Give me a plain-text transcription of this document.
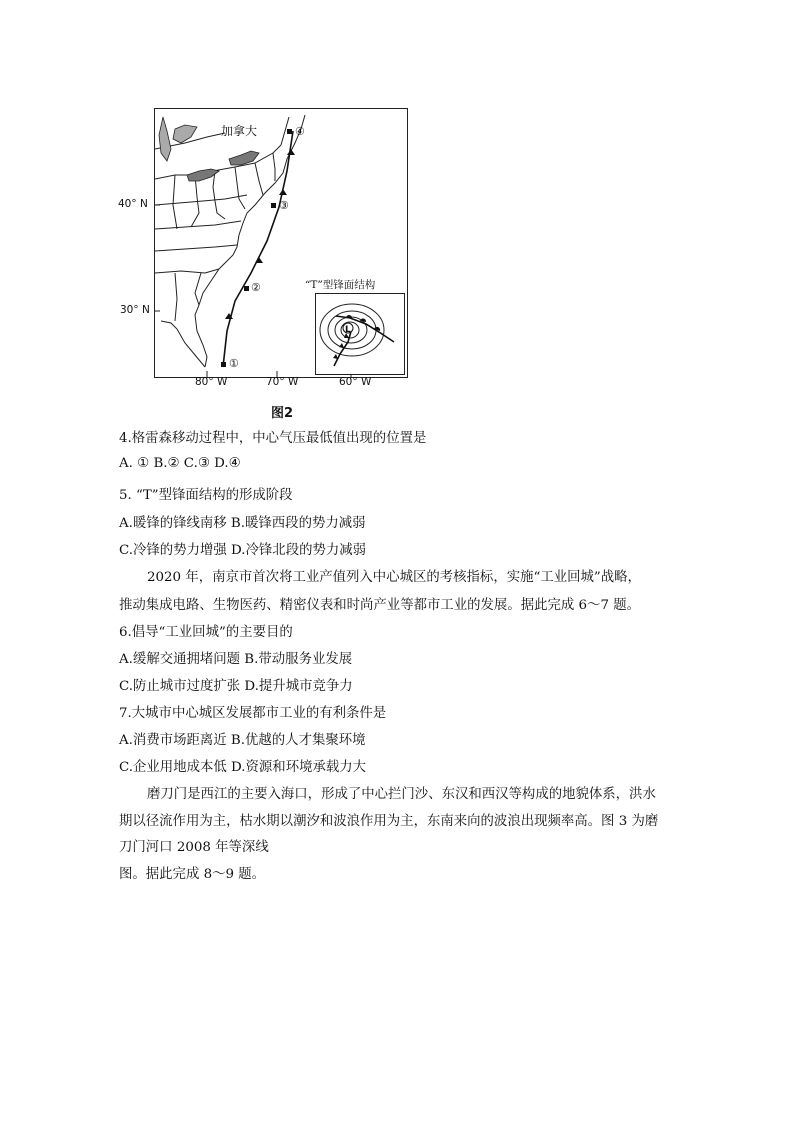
L
加拿大
“T”型锋面结构
④
③
②
①
40° N
30° N
80° W	70° W	60° W
图2
4.格雷森移动过程中，中心气压最低值出现的位置是
A. ① B.② C.③ D.④
5. “T”型锋面结构的形成阶段
A.暖锋的锋线南移 B.暖锋西段的势力减弱
C.冷锋的势力增强 D.冷锋北段的势力减弱
2020 年，南京市首次将工业产值列入中心城区的考核指标，实施“工业回城”战略，
推动集成电路、生物医药、精密仪表和时尚产业等都市工业的发展。据此完成 6～7 题。
6.倡导“工业回城”的主要目的
A.缓解交通拥堵问题 B.带动服务业发展
C.防止城市过度扩张 D.提升城市竞争力
7.大城市中心城区发展都市工业的有利条件是
A.消费市场距离近 B.优越的人才集聚环境
C.企业用地成本低 D.资源和环境承载力大
磨刀门是西江的主要入海口，形成了中心拦门沙、东汉和西汉等构成的地貌体系，洪水
期以径流作用为主，枯水期以潮汐和波浪作用为主，东南来向的波浪出现频率高。图 3 为磨
刀门河口 2008 年等深线
图。据此完成 8～9 题。
